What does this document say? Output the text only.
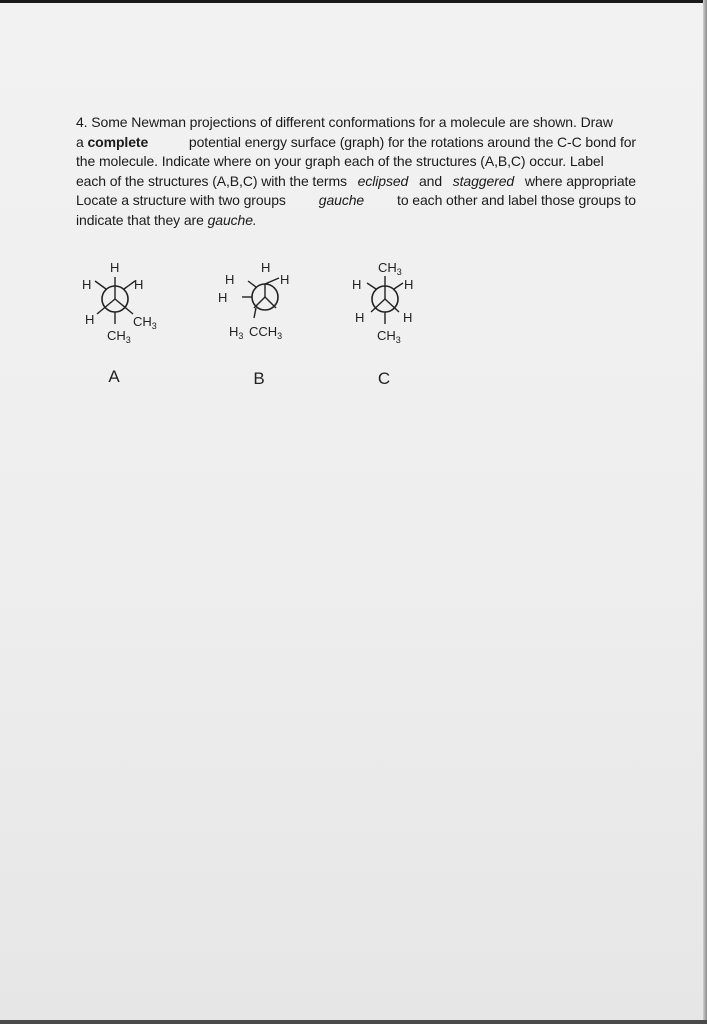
4. Some Newman projections of different conformations for a molecule are shown. Draw
a complete	potential energy surface (graph) for the rotations around the C-C bond for
the molecule. Indicate where on your graph each of the structures (A,B,C) occur. Label
each of the structures (A,B,C) with the terms eclipsed and staggered where appropriate
Locate a structure with two groups gauche to each other and label those groups to
indicate that they are gauche.
H
H	H
H	$CH_3$
$CH_3$
H
H
H
H
$H_3$ $CCH_3$
$CH_3$
H	H
H	H
$CH_3$
A	B	C
